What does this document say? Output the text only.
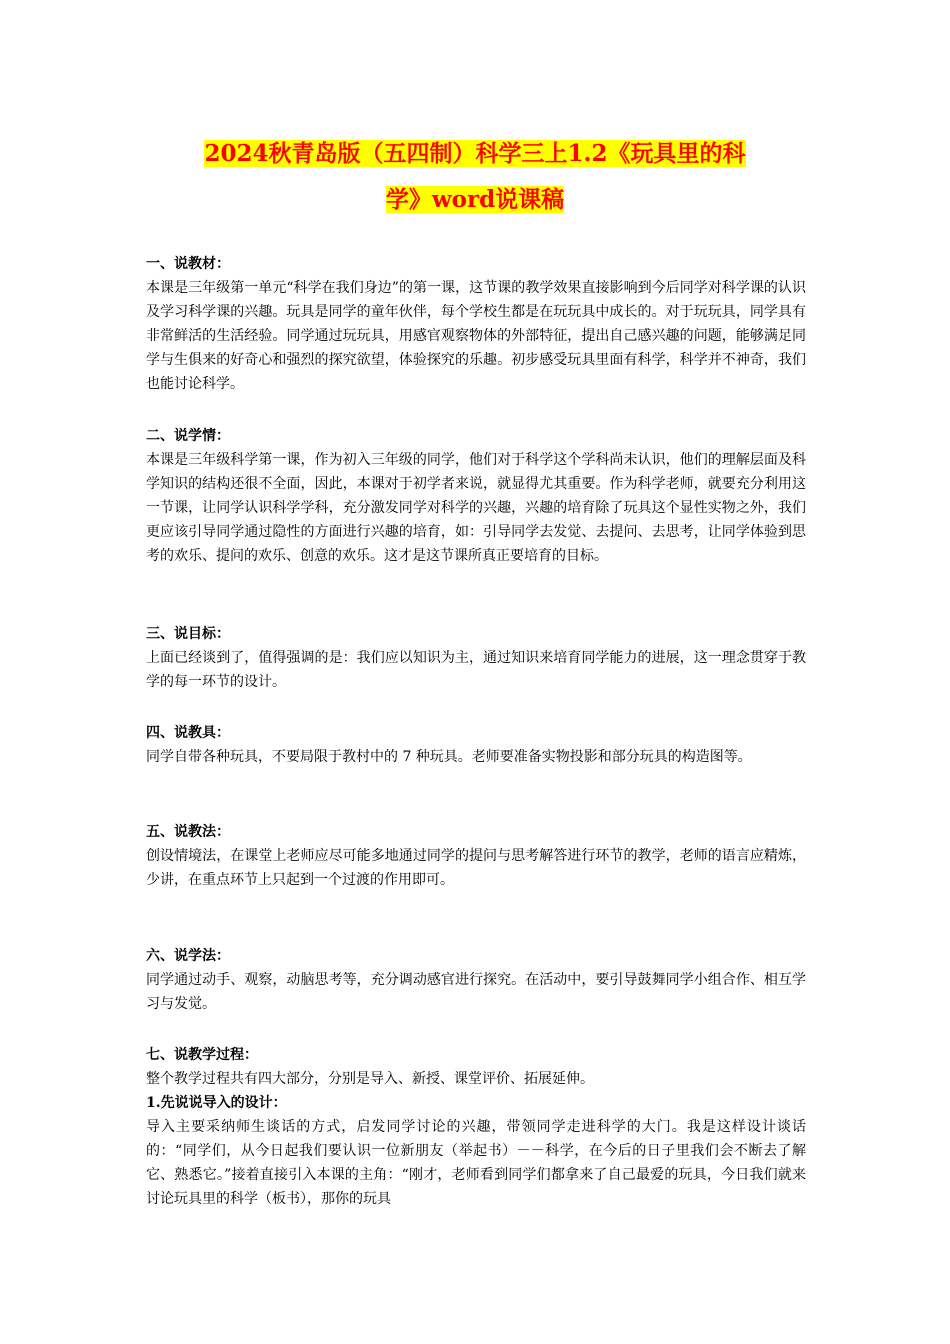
2024秋青岛版（五四制）科学三上1.2《玩具里的科
学》word说课稿
一、说教材：
本课是三年级第一单元“科学在我们身边”的第一课，这节课的教学效果直接影响到今后同学对科学课的认识及学习科学课的兴趣。玩具是同学的童年伙伴，每个学校生都是在玩玩具中成长的。对于玩玩具，同学具有非常鲜活的生活经验。同学通过玩玩具，用感官观察物体的外部特征，提出自己感兴趣的问题，能够满足同学与生俱来的好奇心和强烈的探究欲望，体验探究的乐趣。初步感受玩具里面有科学，科学并不神奇，我们也能讨论科学。
二、说学情：
本课是三年级科学第一课，作为初入三年级的同学，他们对于科学这个学科尚未认识，他们的理解层面及科学知识的结构还很不全面，因此，本课对于初学者来说，就显得尤其重要。作为科学老师，就要充分利用这一节课，让同学认识科学学科，充分激发同学对科学的兴趣，兴趣的培育除了玩具这个显性实物之外，我们更应该引导同学通过隐性的方面进行兴趣的培育，如：引导同学去发觉、去提问、去思考，让同学体验到思考的欢乐、提问的欢乐、创意的欢乐。这才是这节课所真正要培育的目标。
三、说目标：
上面已经谈到了，值得强调的是：我们应以知识为主，通过知识来培育同学能力的进展，这一理念贯穿于教学的每一环节的设计。
四、说教具：
同学自带各种玩具，不要局限于教村中的 7 种玩具。老师要准备实物投影和部分玩具的构造图等。
五、说教法：
创设情境法，在课堂上老师应尽可能多地通过同学的提问与思考解答进行环节的教学，老师的语言应精炼，少讲，在重点环节上只起到一个过渡的作用即可。
六、说学法：
同学通过动手、观察，动脑思考等，充分调动感官进行探究。在活动中，要引导鼓舞同学小组合作、相互学习与发觉。
七、说教学过程：
整个教学过程共有四大部分，分别是导入、新授、课堂评价、拓展延伸。
1.先说说导入的设计：
导入主要采纳师生谈话的方式，启发同学讨论的兴趣，带领同学走进科学的大门。我是这样设计谈话的：“同学们，从今日起我们要认识一位新朋友（举起书）－－科学，在今后的日子里我们会不断去了解它、熟悉它。”接着直接引入本课的主角：“刚才，老师看到同学们都拿来了自己最爱的玩具，今日我们就来讨论玩具里的科学（板书），那你的玩具
